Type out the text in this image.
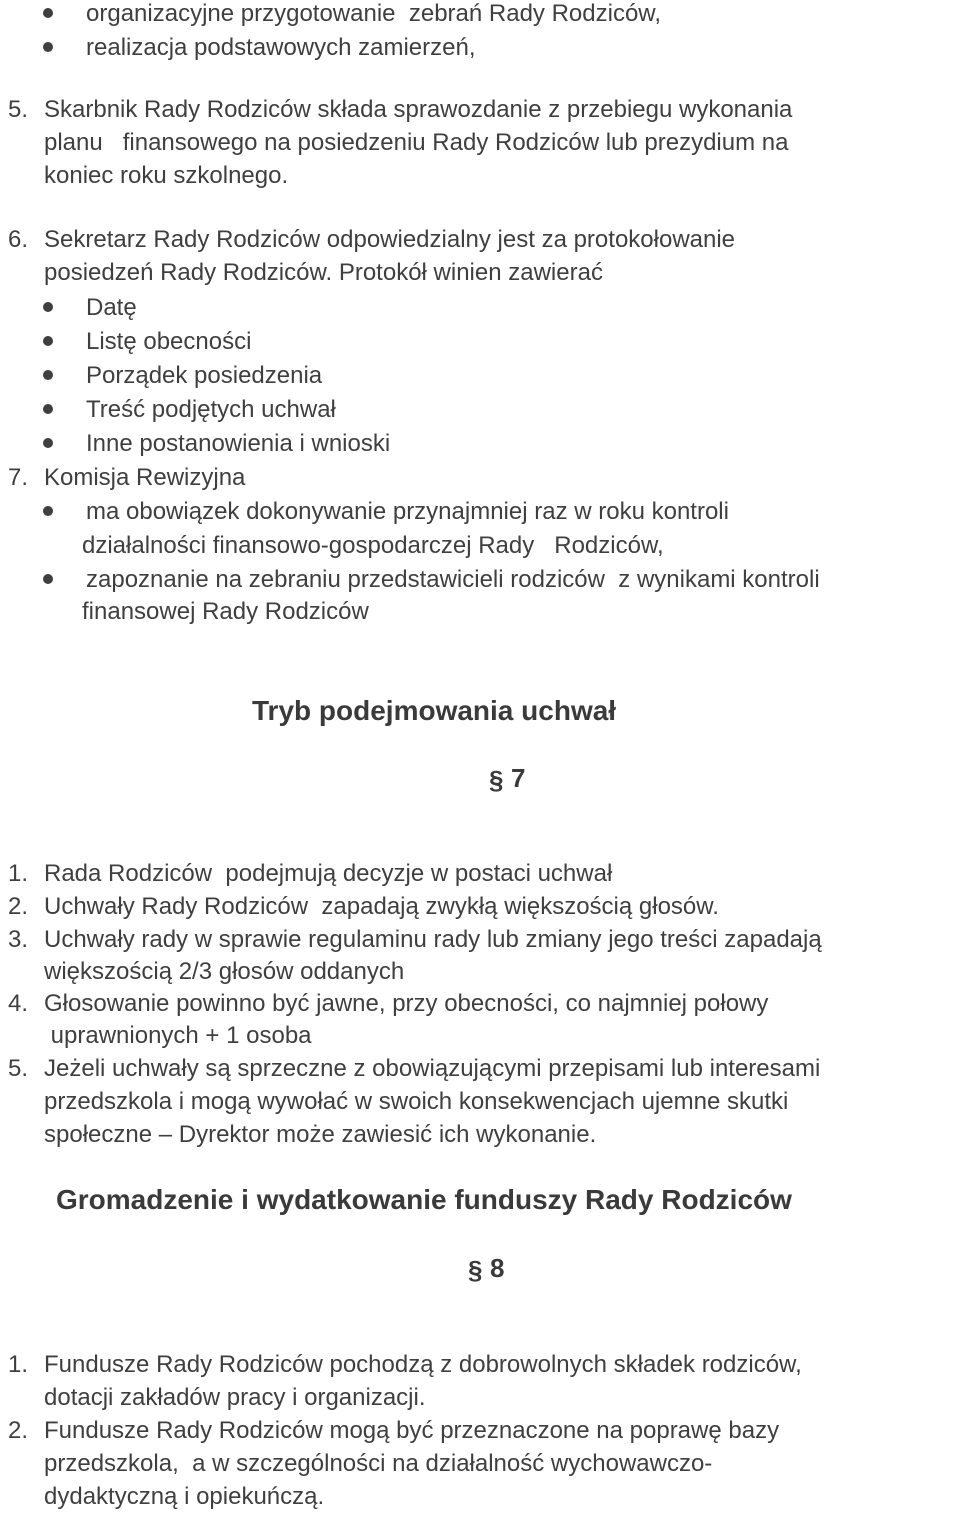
organizacyjne przygotowanie  zebrań Rady Rodziców,
realizacja podstawowych zamierzeń,
5. Skarbnik Rady Rodziców składa sprawozdanie z przebiegu wykonania
planu   finansowego na posiedzeniu Rady Rodziców lub prezydium na
koniec roku szkolnego.
6. Sekretarz Rady Rodziców odpowiedzialny jest za protokołowanie
posiedzeń Rady Rodziców. Protokół winien zawierać
Datę
Listę obecności
Porządek posiedzenia
Treść podjętych uchwał
Inne postanowienia i wnioski
7. Komisja Rewizyjna
ma obowiązek dokonywanie przynajmniej raz w roku kontroli
działalności finansowo-gospodarczej Rady   Rodziców,
zapoznanie na zebraniu przedstawicieli rodziców  z wynikami kontroli
finansowej Rady Rodziców
Tryb podejmowania uchwał
§ 7
1. Rada Rodziców  podejmują decyzje w postaci uchwał
2. Uchwały Rady Rodziców  zapadają zwykłą większością głosów.
3. Uchwały rady w sprawie regulaminu rady lub zmiany jego treści zapadają
większością 2/3 głosów oddanych
4. Głosowanie powinno być jawne, przy obecności, co najmniej połowy
uprawnionych + 1 osoba
5. Jeżeli uchwały są sprzeczne z obowiązującymi przepisami lub interesami
przedszkola i mogą wywołać w swoich konsekwencjach ujemne skutki
społeczne – Dyrektor może zawiesić ich wykonanie.
Gromadzenie i wydatkowanie funduszy Rady Rodziców
§ 8
1. Fundusze Rady Rodziców pochodzą z dobrowolnych składek rodziców,
dotacji zakładów pracy i organizacji.
2. Fundusze Rady Rodziców mogą być przeznaczone na poprawę bazy
przedszkola,  a w szczególności na działalność wychowawczo-
dydaktyczną i opiekuńczą.
